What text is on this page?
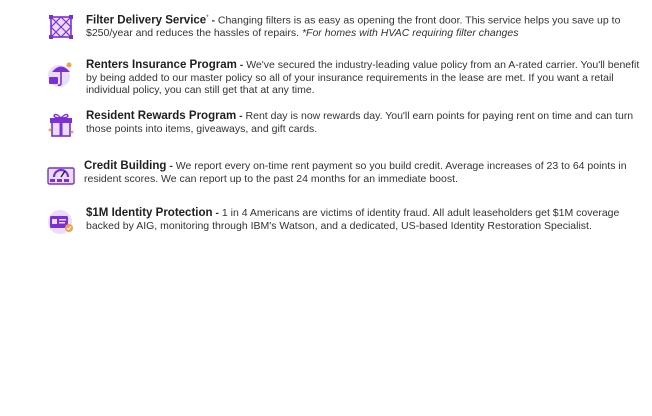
Filter Delivery Service* - Changing filters is as easy as opening the front door. This service helps you save up to $250/year and reduces the hassles of repairs. *For homes with HVAC requiring filter changes
Renters Insurance Program - We've secured the industry-leading value policy from an A-rated carrier. You'll benefit by being added to our master policy so all of your insurance requirements in the lease are met. If you want a retail individual policy, you can still get that at any time.
Resident Rewards Program - Rent day is now rewards day. You'll earn points for paying rent on time and can turn those points into items, giveaways, and gift cards.
Credit Building - We report every on-time rent payment so you build credit. Average increases of 23 to 64 points in resident scores. We can report up to the past 24 months for an immediate boost.
$1M Identity Protection - 1 in 4 Americans are victims of identity fraud. All adult leaseholders get $1M coverage backed by AIG, monitoring through IBM's Watson, and a dedicated, US-based Identity Restoration Specialist.
